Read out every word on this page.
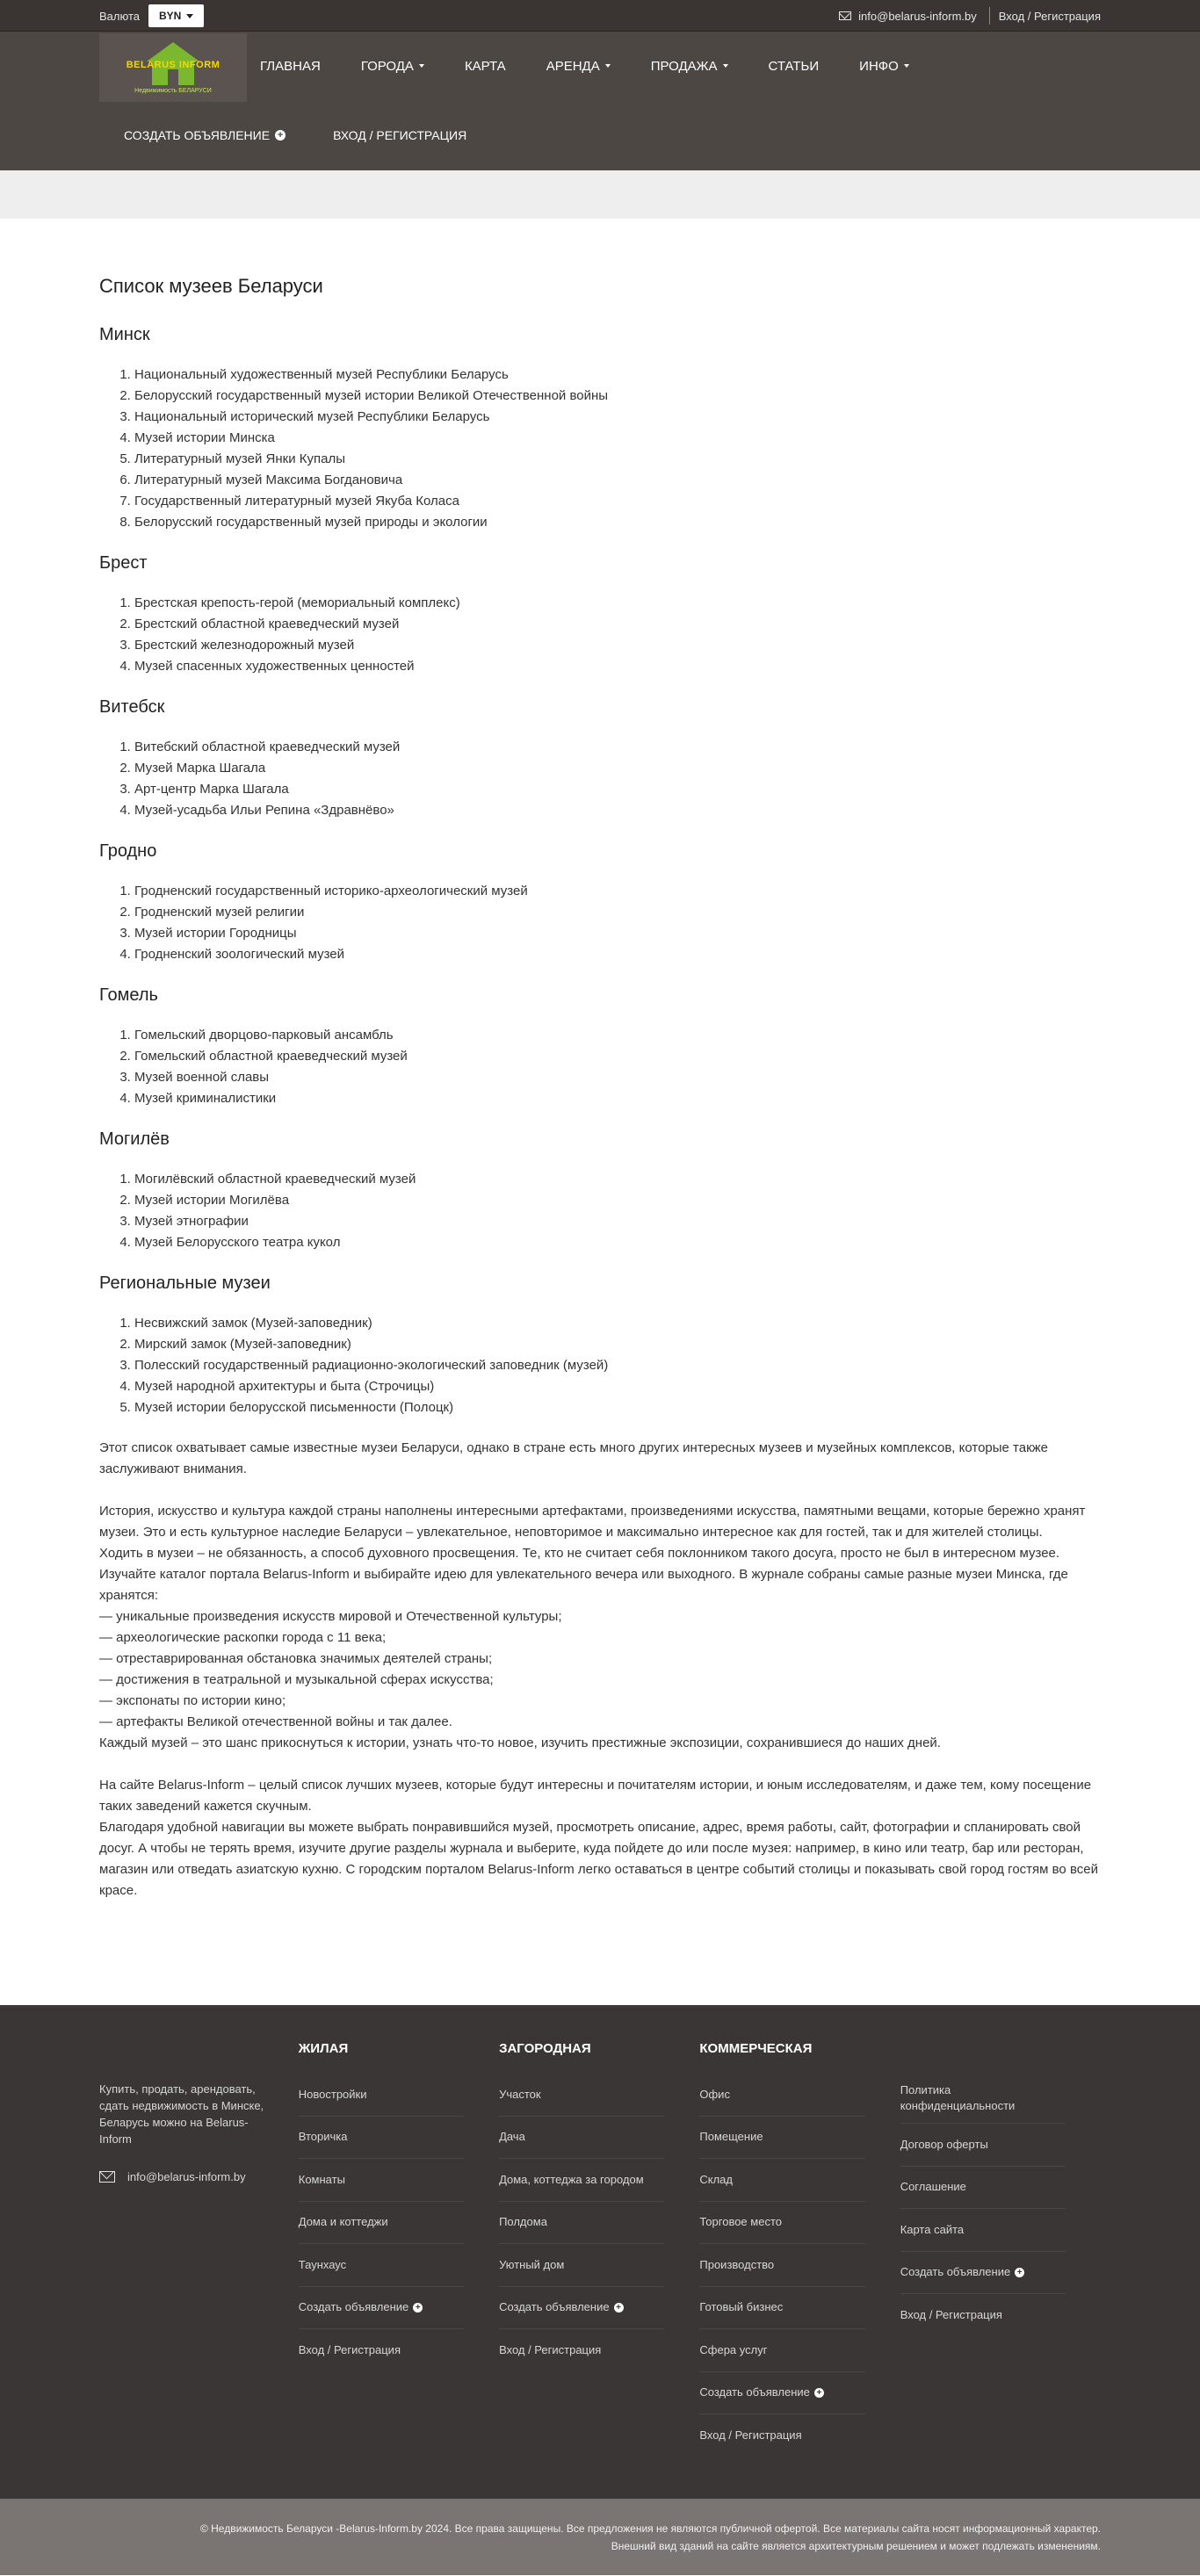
Валюта BYN	info@belarus-inform.by	Вход / Регистрация
BELARUS INFORM
Недвижимость БЕЛАРУСИ
ГЛАВНАЯ	ГОРОДА	КАРТА	АРЕНДА	ПРОДАЖА	СТАТЬИ	ИНФО
СОЗДАТЬ ОБЪЯВЛЕНИЕ +	ВХОД / РЕГИСТРАЦИЯ
Список музеев Беларуси
Минск
1. Национальный художественный музей Республики Беларусь
2. Белорусский государственный музей истории Великой Отечественной войны
3. Национальный исторический музей Республики Беларусь
4. Музей истории Минска
5. Литературный музей Янки Купалы
6. Литературный музей Максима Богдановича
7. Государственный литературный музей Якуба Коласа
8. Белорусский государственный музей природы и экологии
Брест
1. Брестская крепость-герой (мемориальный комплекс)
2. Брестский областной краеведческий музей
3. Брестский железнодорожный музей
4. Музей спасенных художественных ценностей
Витебск
1. Витебский областной краеведческий музей
2. Музей Марка Шагала
3. Арт-центр Марка Шагала
4. Музей-усадьба Ильи Репина «Здравнёво»
Гродно
1. Гродненский государственный историко-археологический музей
2. Гродненский музей религии
3. Музей истории Городницы
4. Гродненский зоологический музей
Гомель
1. Гомельский дворцово-парковый ансамбль
2. Гомельский областной краеведческий музей
3. Музей военной славы
4. Музей криминалистики
Могилёв
1. Могилёвский областной краеведческий музей
2. Музей истории Могилёва
3. Музей этнографии
4. Музей Белорусского театра кукол
Региональные музеи
1. Несвижский замок (Музей-заповедник)
2. Мирский замок (Музей-заповедник)
3. Полесский государственный радиационно-экологический заповедник (музей)
4. Музей народной архитектуры и быта (Строчицы)
5. Музей истории белорусской письменности (Полоцк)

Этот список охватывает самые известные музеи Беларуси, однако в стране есть много других интересных музеев и музейных комплексов, которые также заслуживают внимания.

История, искусство и культура каждой страны наполнены интересными артефактами, произведениями искусства, памятными вещами, которые бережно хранят музеи. Это и есть культурное наследие Беларуси – увлекательное, неповторимое и максимально интересное как для гостей, так и для жителей столицы.

Ходить в музеи – не обязанность, а способ духовного просвещения. Те, кто не считает себя поклонником такого досуга, просто не был в интересном музее. Изучайте каталог портала Belarus-Inform и выбирайте идею для увлекательного вечера или выходного. В журнале собраны самые разные музеи Минска, где хранятся:

— уникальные произведения искусств мировой и Отечественной культуры;

— археологические раскопки города с 11 века;

— отреставрированная обстановка значимых деятелей страны;

— достижения в театральной и музыкальной сферах искусства;

— экспонаты по истории кино;

— артефакты Великой отечественной войны и так далее.

Каждый музей – это шанс прикоснуться к истории, узнать что-то новое, изучить престижные экспозиции, сохранившиеся до наших дней.

На сайте Belarus-Inform – целый список лучших музеев, которые будут интересны и почитателям истории, и юным исследователям, и даже тем, кому посещение таких заведений кажется скучным.

Благодаря удобной навигации вы можете выбрать понравившийся музей, просмотреть описание, адрес, время работы, сайт, фотографии и спланировать свой досуг. А чтобы не терять время, изучите другие разделы журнала и выберите, куда пойдете до или после музея: например, в кино или театр, бар или ресторан, магазин или отведать азиатскую кухню. С городским порталом Belarus-Inform легко оставаться в центре событий столицы и показывать свой город гостям во всей красе.

Купить, продать, арендовать, сдать недвижимость в Минске, Беларусь можно на Belarus-Inform
info@belarus-inform.by
ЖИЛАЯ
Новостройки
Вторичка
Комнаты
Дома и коттеджи
Таунхаус
Создать объявление +
Вход / Регистрация
ЗАГОРОДНАЯ
Участок
Дача
Дома, коттеджа за городом
Полдома
Уютный дом
Создать объявление +
Вход / Регистрация
КОММЕРЧЕСКАЯ
Офис
Помещение
Склад
Торговое место
Производство
Готовый бизнес
Сфера услуг
Создать объявление +
Вход / Регистрация
Политика конфиденциальности
Договор оферты
Соглашение
Карта сайта
Создать объявление +
Вход / Регистрация
© Недвижимость Беларуси -Belarus-Inform.by 2024. Все права защищены. Все предложения не являются публичной офертой. Все материалы сайта носят информационный характер.
Внешний вид зданий на сайте является архитектурным решением и может подлежать изменениям.
